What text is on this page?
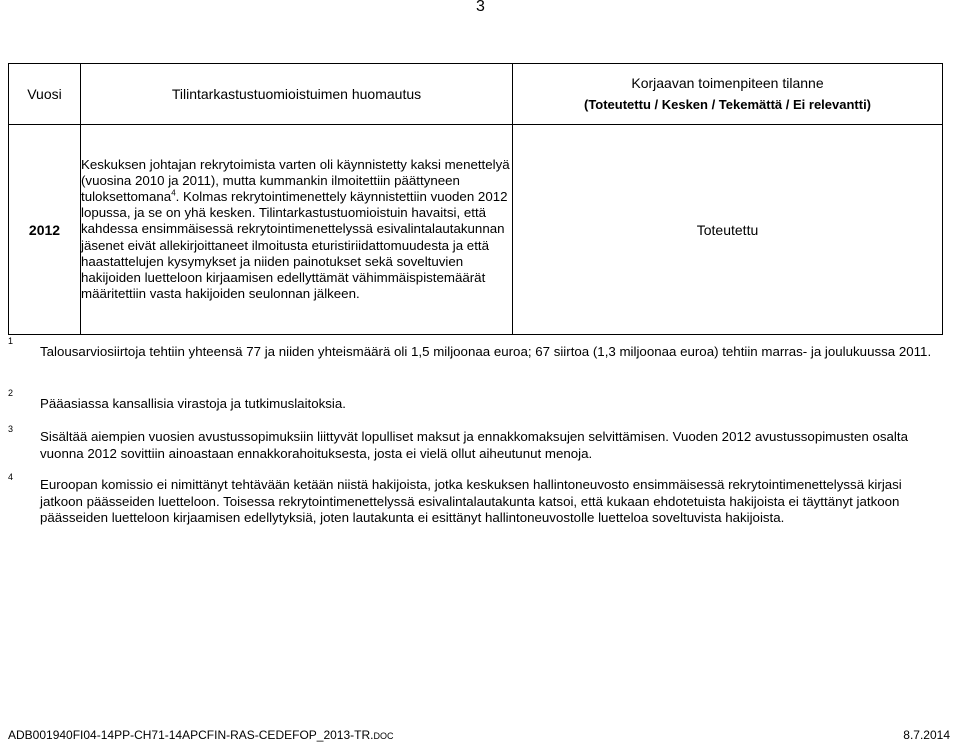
3
Vuosi	Tilintarkastustuomioistuimen huomautus	Korjaavan toimenpiteen tilanne
(Toteutettu / Kesken / Tekemättä / Ei relevantti)

2012	Keskuksen johtajan rekrytoimista varten oli käynnistetty kaksi menettelyä (vuosina 2010 ja 2011), mutta kummankin ilmoitettiin päättyneen tuloksettomana$^4$. Kolmas rekrytointimenettely käynnistettiin vuoden 2012 lopussa, ja se on yhä kesken. Tilintarkastustuomioistuin havaitsi, että kahdessa ensimmäisessä rekrytointimenettelyssä esivalintalautakunnan jäsenet eivät allekirjoittaneet ilmoitusta eturistiriidattomuudesta ja että haastattelujen kysymykset ja niiden painotukset sekä soveltuvien hakijoiden luetteloon kirjaamisen edellyttämät vähimmäispistemäärät määritettiin vasta hakijoiden seulonnan jälkeen.	Toteutettu
1
Talousarviosiirtoja tehtiin yhteensä 77 ja niiden yhteismäärä oli 1,5 miljoonaa euroa; 67 siirtoa (1,3 miljoonaa euroa) tehtiin marras- ja joulukuussa 2011.
2
Pääasiassa kansallisia virastoja ja tutkimuslaitoksia.
3 Sisältää aiempien vuosien avustussopimuksiin liittyvät lopulliset maksut ja ennakkomaksujen selvittämisen. Vuoden 2012 avustussopimusten osalta vuonna 2012 sovittiin ainoastaan ennakkorahoituksesta, josta ei vielä ollut aiheutunut menoja.
4 Euroopan komissio ei nimittänyt tehtävään ketään niistä hakijoista, jotka keskuksen hallintoneuvosto ensimmäisessä rekrytointimenettelyssä kirjasi jatkoon päässeiden luetteloon. Toisessa rekrytointimenettelyssä esivalintalautakunta katsoi, että kukaan ehdotetuista hakijoista ei täyttänyt jatkoon päässeiden luetteloon kirjaamisen edellytyksiä, joten lautakunta ei esittänyt hallintoneuvostolle luetteloa soveltuvista hakijoista.
ADB001940FI04-14PP-CH71-14APCFIN-RAS-CEDEFOP_2013-TR.DOC	8.7.2014
